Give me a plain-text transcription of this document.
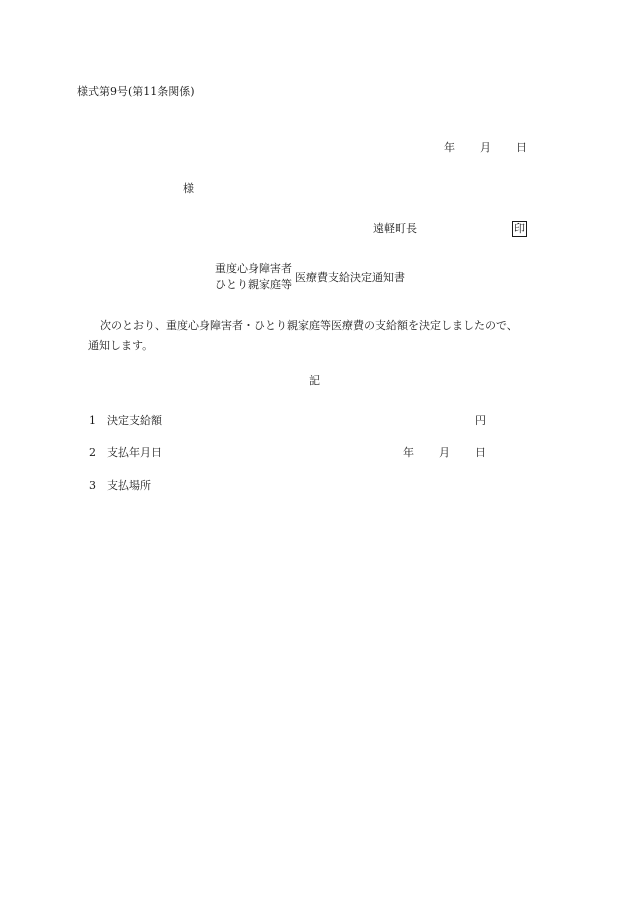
様式第9号(第11条関係)
年 月 日
様
遠軽町長	印
重度心身障害者
ひとり親家庭等
医療費支給決定通知書
次のとおり、重度心身障害者・ひとり親家庭等医療費の支給額を決定しましたので、
通知します。
記
1 決定支給額	円
2 支払年月日	年 月 日
3 支払場所
